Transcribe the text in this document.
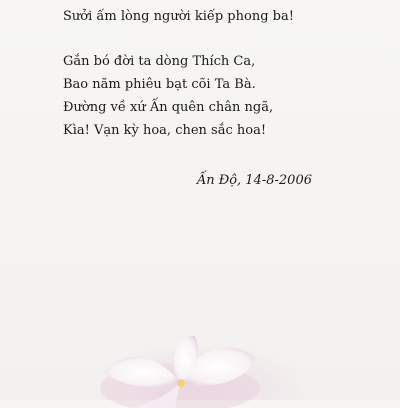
Sưởi ấm lòng người kiếp phong ba!
Gắn bó đời ta dòng Thích Ca,
Bao năm phiêu bạt cõi Ta Bà.
Đường về xứ Ấn quên chân ngã,
Kìa! Vạn kỳ hoa, chen sắc hoa!
Ấn Độ, 14-8-2006
